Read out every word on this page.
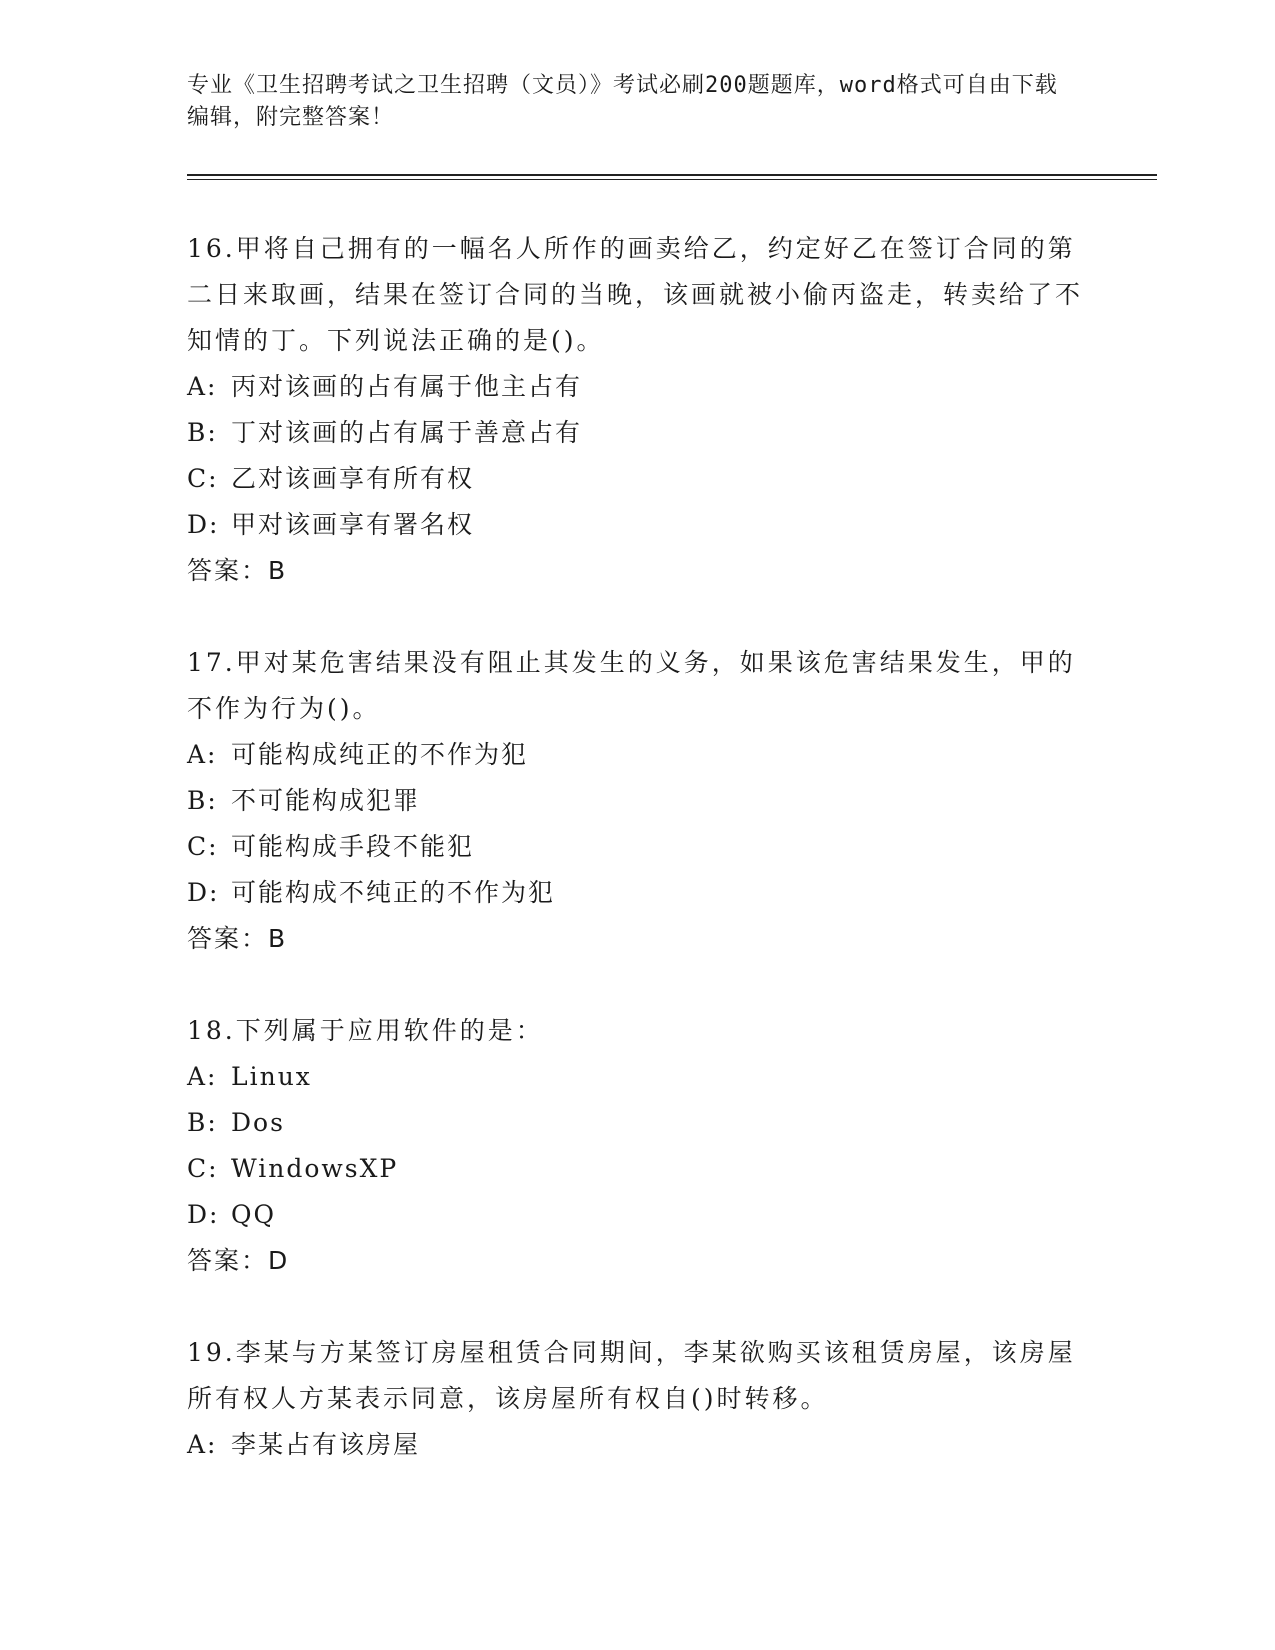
专业《卫生招聘考试之卫生招聘（文员）》考试必刷200题题库，word格式可自由下载编辑，附完整答案！

16.甲将自己拥有的一幅名人所作的画卖给乙，约定好乙在签订合同的第二日来取画，结果在签订合同的当晚，该画就被小偷丙盗走，转卖给了不知情的丁。下列说法正确的是()。

A: 丙对该画的占有属于他主占有

B: 丁对该画的占有属于善意占有

C: 乙对该画享有所有权

D: 甲对该画享有署名权

答案：B

17.甲对某危害结果没有阻止其发生的义务，如果该危害结果发生，甲的不作为行为()。

A: 可能构成纯正的不作为犯

B: 不可能构成犯罪

C: 可能构成手段不能犯

D: 可能构成不纯正的不作为犯

答案：B

18.下列属于应用软件的是：

A: Linux

B: Dos

C: WindowsXP

D: QQ

答案：D

19.李某与方某签订房屋租赁合同期间，李某欲购买该租赁房屋，该房屋所有权人方某表示同意，该房屋所有权自()时转移。

A: 李某占有该房屋
